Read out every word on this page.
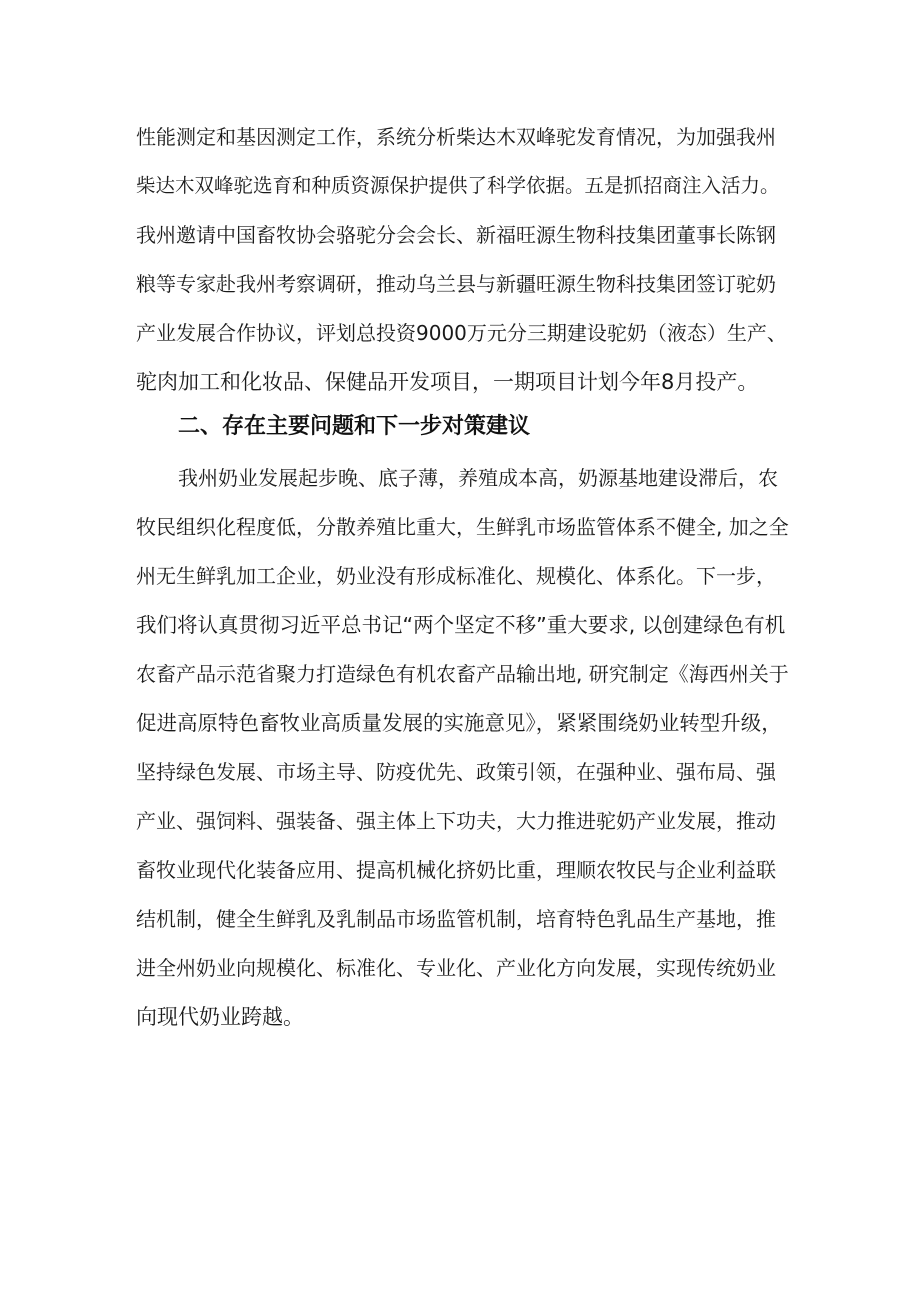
性能测定和基因测定工作，系统分析柴达木双峰驼发育情况，为加强我州
柴达木双峰驼选育和种质资源保护提供了科学依据。五是抓招商注入活力。
我州邀请中国畜牧协会骆驼分会会长、新福旺源生物科技集团董事长陈钢
粮等专家赴我州考察调研，推动乌兰县与新疆旺源生物科技集团签订驼奶
产业发展合作协议，评划总投资9000万元分三期建设驼奶（液态）生产、
驼肉加工和化妆品、保健品开发项目，一期项目计划今年8月投产。
二、存在主要问题和下一步对策建议
我州奶业发展起步晚、底子薄，养殖成本高，奶源基地建设滞后，农
牧民组织化程度低，分散养殖比重大，生鲜乳市场监管体系不健全, 加之全
州无生鲜乳加工企业，奶业没有形成标准化、规模化、体系化。下一步，
我们将认真贯彻习近平总书记“两个坚定不移”重大要求, 以创建绿色有机
农畜产品示范省聚力打造绿色有机农畜产品输出地, 研究制定《海西州关于
促进高原特色畜牧业高质量发展的实施意见》，紧紧围绕奶业转型升级，
坚持绿色发展、市场主导、防疫优先、政策引领，在强种业、强布局、强
产业、强饲料、强装备、强主体上下功夫，大力推进驼奶产业发展，推动
畜牧业现代化装备应用、提高机械化挤奶比重，理顺农牧民与企业利益联
结机制，健全生鲜乳及乳制品市场监管机制，培育特色乳品生产基地，推
进全州奶业向规模化、标准化、专业化、产业化方向发展，实现传统奶业
向现代奶业跨越。
